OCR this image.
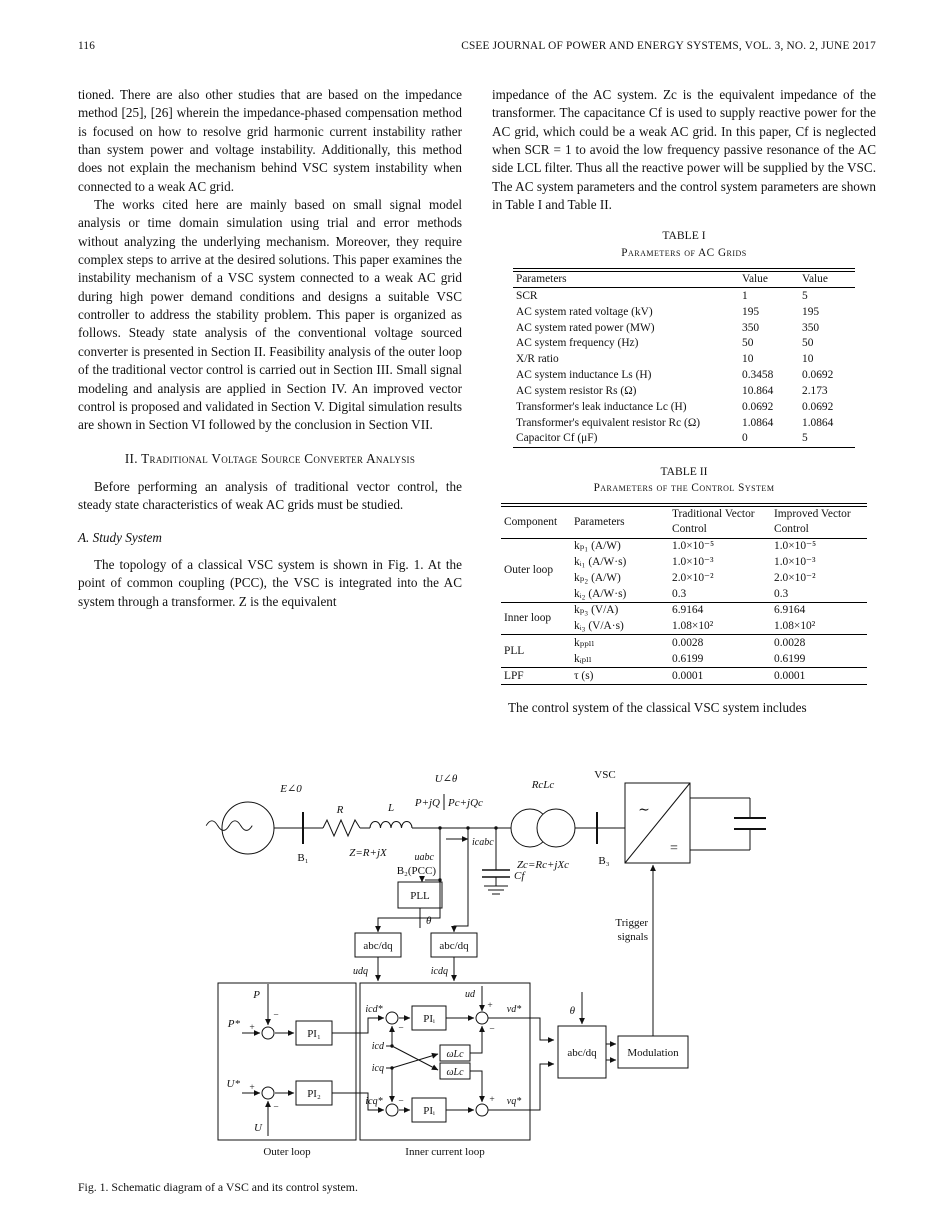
116	CSEE JOURNAL OF POWER AND ENERGY SYSTEMS, VOL. 3, NO. 2, JUNE 2017

tioned. There are also other studies that are based on the impedance method [25], [26] wherein the impedance-phased compensation method is focused on how to resolve grid harmonic current instability rather than system power and voltage instability. Additionally, this method does not explain the mechanism behind VSC system instability when connected to a weak AC grid.

The works cited here are mainly based on small signal model analysis or time domain simulation using trial and error methods without analyzing the underlying mechanism. Moreover, they require complex steps to arrive at the desired solutions. This paper examines the instability mechanism of a VSC system connected to a weak AC grid during high power demand conditions and designs a suitable VSC controller to address the stability problem. This paper is organized as follows. Steady state analysis of the conventional voltage sourced converter is presented in Section II. Feasibility analysis of the outer loop of the traditional vector control is carried out in Section III. Small signal modeling and analysis are applied in Section IV. An improved vector control is proposed and validated in Section V. Digital simulation results are shown in Section VI followed by the conclusion in Section VII.

II. Traditional Voltage Source Converter Analysis

Before performing an analysis of traditional vector control, the steady state characteristics of weak AC grids must be studied.

A. Study System

The topology of a classical VSC system is shown in Fig. 1. At the point of common coupling (PCC), the VSC is integrated into the AC system through a transformer. Z is the equivalent

impedance of the AC system. Zc is the equivalent impedance of the transformer. The capacitance Cf is used to supply reactive power for the AC grid, which could be a weak AC grid. In this paper, Cf is neglected when SCR = 1 to avoid the low frequency passive resonance of the AC side LCL filter. Thus all the reactive power will be supplied by the VSC. The AC system parameters and the control system parameters are shown in Table I and Table II.

TABLE I
Parameters of AC Grids
Parameters	Value	Value
SCR	1	5
AC system rated voltage (kV)	195	195
AC system rated power (MW)	350	350
AC system frequency (Hz)	50	50
X/R ratio	10	10
AC system inductance Ls (H)	0.3458	0.0692
AC system resistor Rs (Ω)	10.864	2.173
Transformer's leak inductance Lc (H)	0.0692	0.0692
Transformer's equivalent resistor Rc (Ω)	1.0864	1.0864
Capacitor Cf (μF)	0	5
TABLE II
Parameters of the Control System
Component	Parameters	Traditional Vector Control	Improved Vector Control
Outer loop	kₚ₁ (A/W)	1.0×10⁻⁵	1.0×10⁻⁵
	kᵢ₁ (A/W·s)	1.0×10⁻³	1.0×10⁻³
	kₚ₂ (A/W)	2.0×10⁻²	2.0×10⁻²
	kᵢ₂ (A/W·s)	0.3	0.3
Inner loop	kₚ₃ (V/A)	6.9164	6.9164
	kᵢ₃ (V/A·s)	1.08×10²	1.08×10²
PLL	kₚₚₗₗ	0.0028	0.0028
	kᵢₚₗₗ	0.6199	0.6199
LPF	τ (s)	0.0001	0.0001

The control system of the classical VSC system includes

E∠0
B₁
R	L
Z=R+jX
P+jQ Pc+jQc
U∠θ
icabc
uabc
B₂(PCC)	Cf
RcLc
Zc=Rc+jXc	B₃
VSC
∼
=
PLL
θ
abc/dq	abc/dq
udq	icdq
Trigger
signals
θ
P
P*
PI₁
U*
U
PI₂
icd*
icd
PIᵢ
ud
vd*
ωLc
ωLc
icq
icq*
PIᵢ
vq*
abc/dq	Modulation
Outer loop	Inner current loop
+
−
+
−
−
+
−
−	+
Fig. 1. Schematic diagram of a VSC and its control system.
